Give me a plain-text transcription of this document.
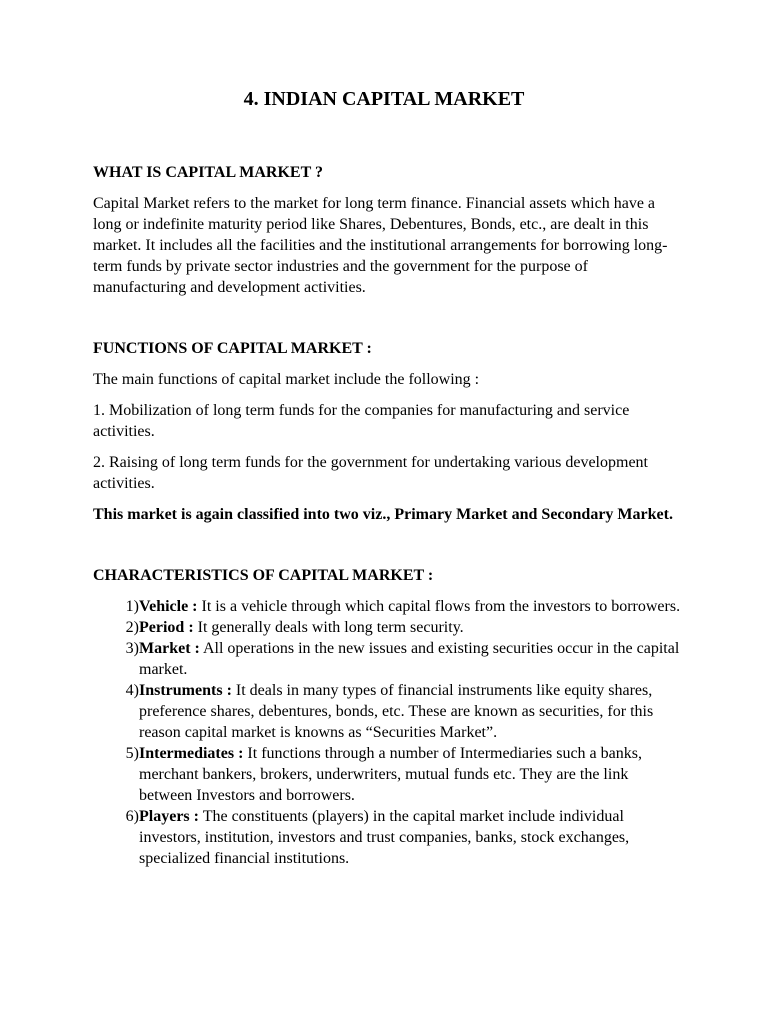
4. INDIAN CAPITAL MARKET

WHAT IS CAPITAL MARKET ?

Capital Market refers to the market for long term finance. Financial assets which have a long or indefinite maturity period like Shares, Debentures, Bonds, etc., are dealt in this market. It includes all the facilities and the institutional arrangements for borrowing long-term funds by private sector industries and the government for the purpose of manufacturing and development activities.

FUNCTIONS OF CAPITAL MARKET :

The main functions of capital market include the following :

1. Mobilization of long term funds for the companies for manufacturing and service activities.

2. Raising of long term funds for the government for undertaking various development activities.

This market is again classified into two viz., Primary Market and Secondary Market.

CHARACTERISTICS OF CAPITAL MARKET :

1) Vehicle : It is a vehicle through which capital flows from the investors to borrowers.
2) Period : It generally deals with long term security.
3) Market : All operations in the new issues and existing securities occur in the capital market.
4) Instruments : It deals in many types of financial instruments like equity shares, preference shares, debentures, bonds, etc. These are known as securities, for this reason capital market is knowns as “Securities Market”.
5) Intermediates : It functions through a number of Intermediaries such a banks, merchant bankers, brokers, underwriters, mutual funds etc. They are the link between Investors and borrowers.
6) Players : The constituents (players) in the capital market include individual investors, institution, investors and trust companies, banks, stock exchanges, specialized financial institutions.
